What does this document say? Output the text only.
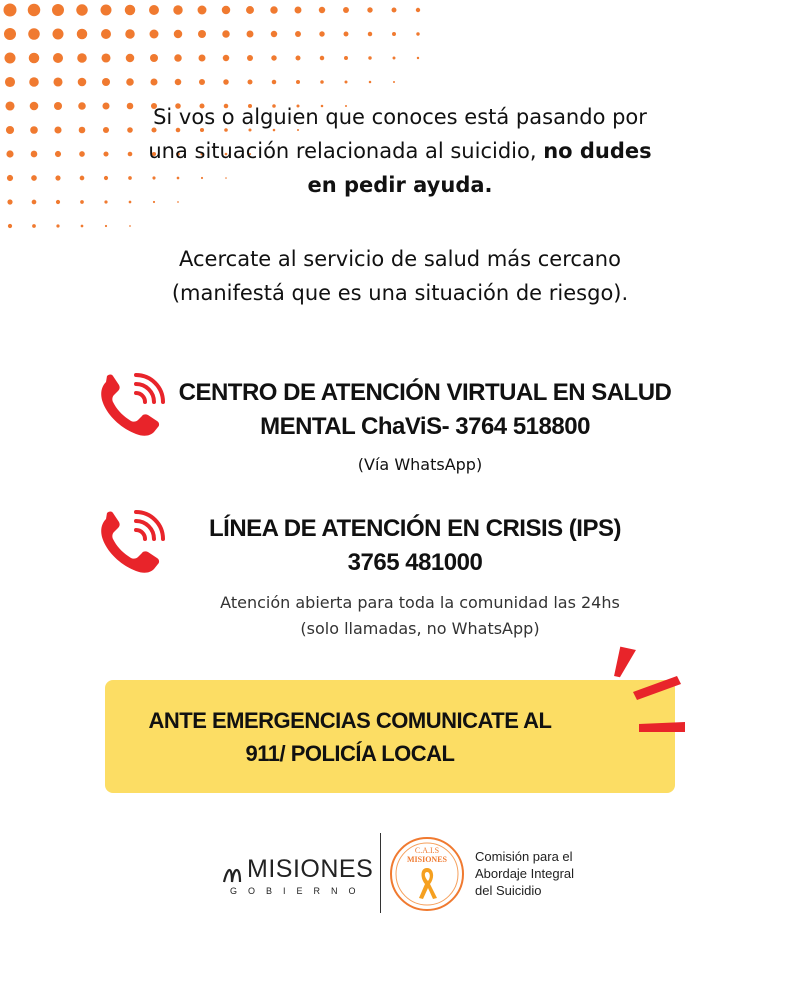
Si vos o alguien que conoces está pasando por
una situación relacionada al suicidio, no dudes
en pedir ayuda.
Acercate al servicio de salud más cercano
(manifestá que es una situación de riesgo).
CENTRO DE ATENCIÓN VIRTUAL EN SALUD
MENTAL ChaViS- 3764 518800
(Vía WhatsApp)
LÍNEA DE ATENCIÓN EN CRISIS (IPS)
3765 481000
Atención abierta para toda la comunidad las 24hs
(solo llamadas, no WhatsApp)
ANTE EMERGENCIAS COMUNICATE AL
911/ POLICÍA LOCAL
MISIONES
GOBIERNO
C.A.I.S
MISIONES Comisión para el
Abordaje Integral
del Suicidio
